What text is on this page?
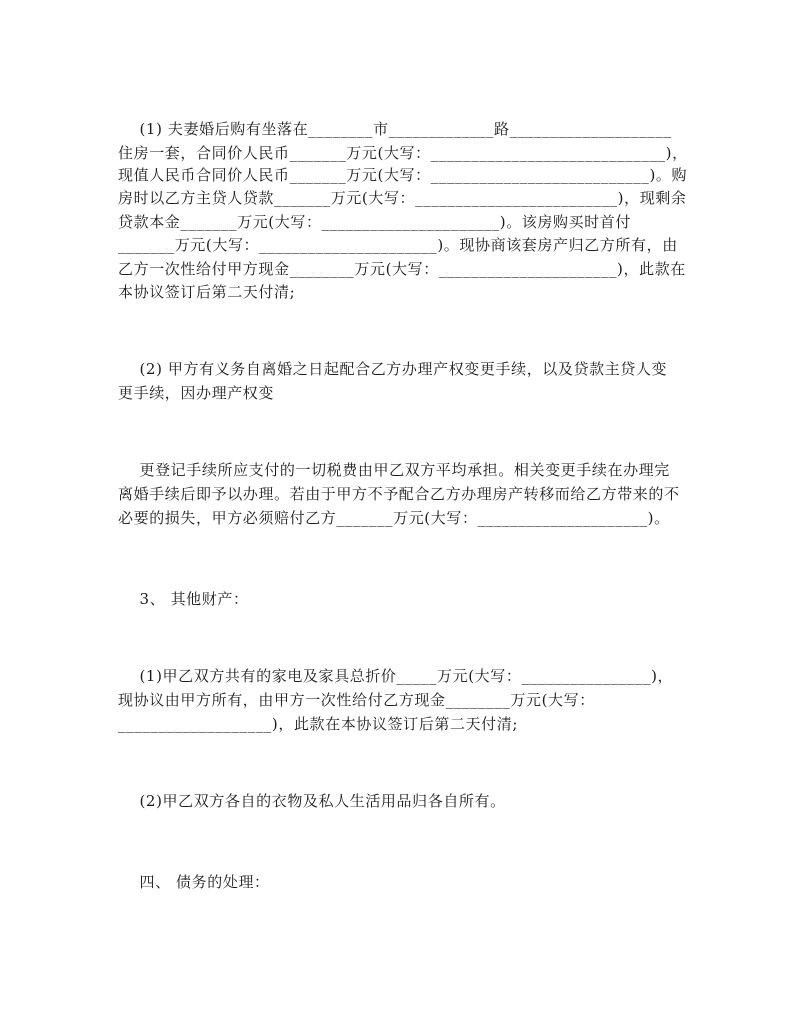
(1) 夫妻婚后购有坐落在________市_____________路____________________
住房一套，合同价人民币_______万元(大写：_____________________________)，
现值人民币合同价人民币_______万元(大写：___________________________)。购
房时以乙方主贷人贷款_______万元(大写：_________________________)，现剩余
贷款本金_______万元(大写：______________________)。该房购买时首付
_______万元(大写：______________________)。现协商该套房产归乙方所有，由
乙方一次性给付甲方现金________万元(大写：______________________)，此款在
本协议签订后第二天付清;
(2) 甲方有义务自离婚之日起配合乙方办理产权变更手续，以及贷款主贷人变
更手续，因办理产权变
更登记手续所应支付的一切税费由甲乙双方平均承担。相关变更手续在办理完
离婚手续后即予以办理。若由于甲方不予配合乙方办理房产转移而给乙方带来的不
必要的损失，甲方必须赔付乙方_______万元(大写：_____________________)。
3、 其他财产：
(1)甲乙双方共有的家电及家具总折价_____万元(大写：________________)，
现协议由甲方所有，由甲方一次性给付乙方现金________万元(大写：
___________________)，此款在本协议签订后第二天付清;
(2)甲乙双方各自的衣物及私人生活用品归各自所有。
四、 债务的处理：
